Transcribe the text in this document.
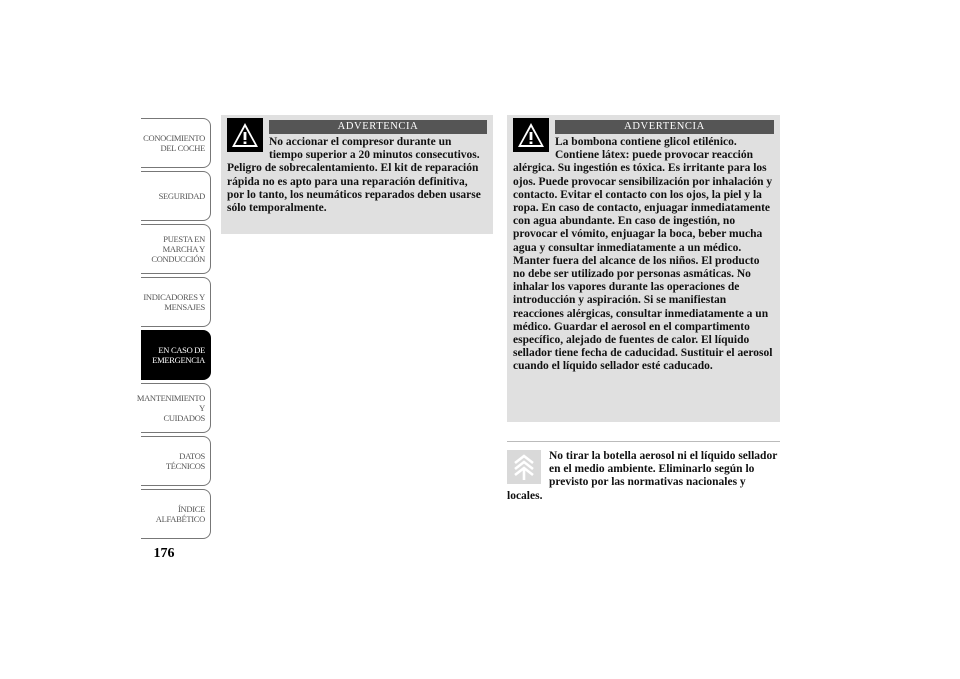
CONOCIMIENTO
DEL COCHE
SEGURIDAD
PUESTA EN
MARCHA Y
CONDUCCIÓN
INDICADORES Y
MENSAJES
EN CASO DE
EMERGENCIA
MANTENIMIENTO Y
CUIDADOS
DATOS TÉCNICOS
ÍNDICE
ALFABÉTICO
176
ADVERTENCIA
No accionar el compresor durante un tiempo superior a 20 minutos consecutivos. Peligro de sobrecalentamiento. El kit de reparación rápida no es apto para una reparación definitiva, por lo tanto, los neumáticos reparados deben usarse sólo temporalmente.
ADVERTENCIA
La bombona contiene glicol etilénico. Contiene látex: puede provocar reacción alérgica. Su ingestión es tóxica. Es irritante para los ojos. Puede provocar sensibilización por inhalación y contacto. Evitar el contacto con los ojos, la piel y la ropa. En caso de contacto, enjuagar inmediatamente con agua abundante. En caso de ingestión, no provocar el vómito, enjuagar la boca, beber mucha agua y consultar inmediatamente a un médico. Manter fuera del alcance de los niños. El producto no debe ser utilizado por personas asmáticas. No inhalar los vapores durante las operaciones de introducción y aspiración. Si se manifiestan reacciones alérgicas, consultar inmediatamente a un médico. Guardar el aerosol en el compartimento específico, alejado de fuentes de calor. El líquido sellador tiene fecha de caducidad. Sustituir el aerosol cuando el líquido sellador esté caducado.
No tirar la botella aerosol ni el líquido sellador en el medio ambiente. Eliminarlo según lo previsto por las normativas nacionales y locales.
